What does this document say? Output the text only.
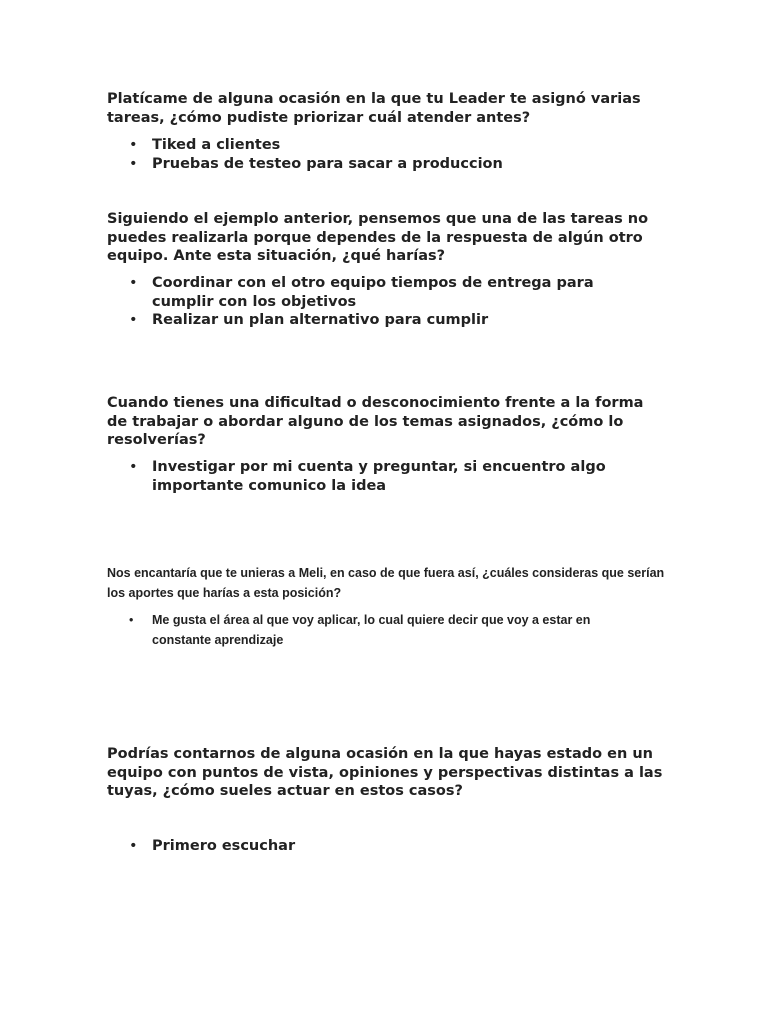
Platícame de alguna ocasión en la que tu Leader te asignó varias tareas, ¿cómo pudiste priorizar cuál atender antes?

• Tiked a clientes
• Pruebas de testeo para sacar a produccion

Siguiendo el ejemplo anterior, pensemos que una de las tareas no puedes realizarla porque dependes de la respuesta de algún otro equipo. Ante esta situación, ¿qué harías?

• Coordinar con el otro equipo tiempos de entrega para cumplir con los objetivos
• Realizar un plan alternativo para cumplir

Cuando tienes una dificultad o desconocimiento frente a la forma de trabajar o abordar alguno de los temas asignados, ¿cómo lo resolverías?

• Investigar por mi cuenta y preguntar, si encuentro algo importante comunico la idea

Nos encantaría que te unieras a Meli, en caso de que fuera así, ¿cuáles consideras que serían los aportes que harías a esta posición?

• Me gusta el área al que voy aplicar, lo cual quiere decir que voy a estar en constante aprendizaje

Podrías contarnos de alguna ocasión en la que hayas estado en un equipo con puntos de vista, opiniones y perspectivas distintas a las tuyas, ¿cómo sueles actuar en estos casos?

• Primero escuchar
